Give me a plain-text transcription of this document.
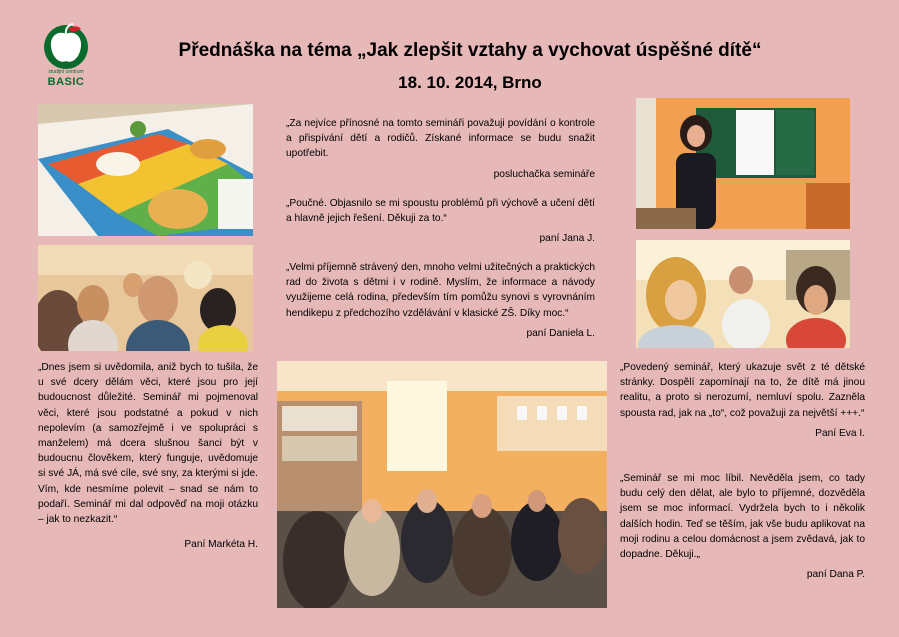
studijní centrum
BASIC
Přednáška na téma „Jak zlepšit vztahy a vychovat úspěšné dítě“
18. 10. 2014, Brno
„Za nejvíce přínosné na tomto semináři považuji povídání o kontrole a přispívání dětí a rodičů. Získané informace se budu snažit upotřebit.
posluchačka semináře
„Poučné. Objasnilo se mi spoustu problémů při výchově a učení dětí a hlavně jejich řešení. Děkuji za to.“
paní Jana J.
„Velmi příjemně strávený den, mnoho velmi užitečných a praktických rad do života s dětmi i v rodině. Myslím, že informace a návody využijeme celá rodina, především tím pomůžu synovi s vyrovnáním hendikepu z předchozího vzdělávání v klasické ZŠ. Díky moc.“
paní Daniela L.
„Dnes jsem si uvědomila, aniž bych to tušila, že u své dcery dělám věci, které jsou pro její budoucnost důležité. Seminář mi pojmenoval věci, které jsou podstatné a pokud v nich nepolevím (a samozřejmě i ve spolupráci s manželem) má dcera slušnou šanci být v budoucnu člověkem, který funguje, uvědomuje si své JÁ, má své cíle, své sny, za kterými si jde. Vím, kde nesmíme polevit – snad se nám to podaří. Seminář mi dal odpověď na moji otázku – jak to nezkazit.“
Paní Markéta H.
„Povedený seminář, který ukazuje svět z té dětské stránky. Dospělí zapomínají na to, že dítě má jinou realitu, a proto si nerozumí, nemluví spolu. Zazněla spousta rad, jak na „to“, což považuji za největší +++.“
Paní Eva I.
„Seminář se mi moc líbil. Nevěděla jsem, co tady budu celý den dělat, ale bylo to příjemné, dozvěděla jsem se moc informací. Vydržela bych to i několik dalších hodin. Teď se těším, jak vše budu aplikovat na moji rodinu a celou domácnost a jsem zvědavá, jak to dopadne. Děkuji.„
paní Dana P.
